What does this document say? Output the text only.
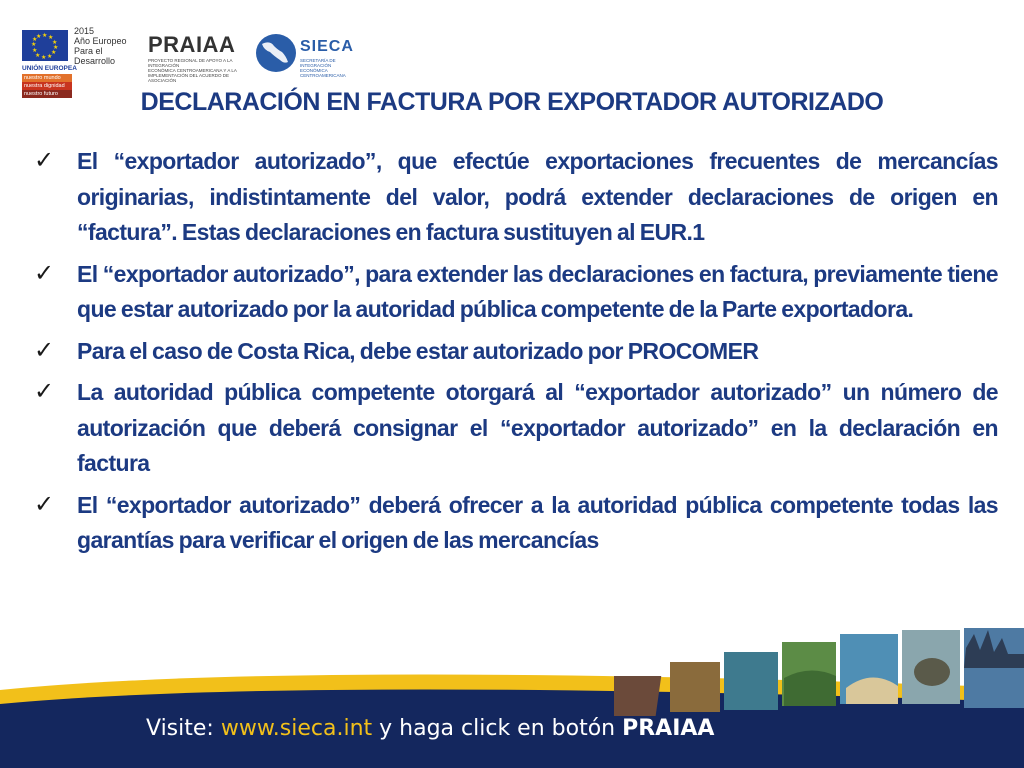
★ ★
★
★
★
★
★
★
★
★
★
★
2015
Año Europeo
Para el Desarrollo
UNIÓN EUROPEA
nuestro mundo
nuestra dignidad
nuestro futuro
PRAIAA
PROYECTO REGIONAL DE APOYO A LA INTEGRACIÓN
ECONÓMICA CENTROAMERICANA Y A LA
IMPLEMENTACIÓN DEL ACUERDO DE ASOCIACIÓN
SIECA
SECRETARÍA DE INTEGRACIÓN
ECONÓMICA CENTROAMERICANA
DECLARACIÓN EN FACTURA POR EXPORTADOR AUTORIZADO
✓ El “exportador autorizado”, que efectúe exportaciones frecuentes de mercancías originarias, indistintamente del valor, podrá extender declaraciones de origen en “factura”. Estas declaraciones en factura sustituyen al EUR.1
✓ El “exportador autorizado”, para extender las declaraciones en factura, previamente tiene que estar autorizado por la autoridad pública competente de la Parte exportadora.
✓ Para el caso de Costa Rica, debe estar autorizado por PROCOMER
✓ La autoridad pública competente otorgará al “exportador autorizado” un número de autorización que deberá consignar el “exportador autorizado” en la declaración en factura
✓ El “exportador autorizado” deberá ofrecer a la autoridad pública competente todas las garantías para verificar el origen de las mercancías
Visite: www.sieca.int y haga click en botón PRAIAA
